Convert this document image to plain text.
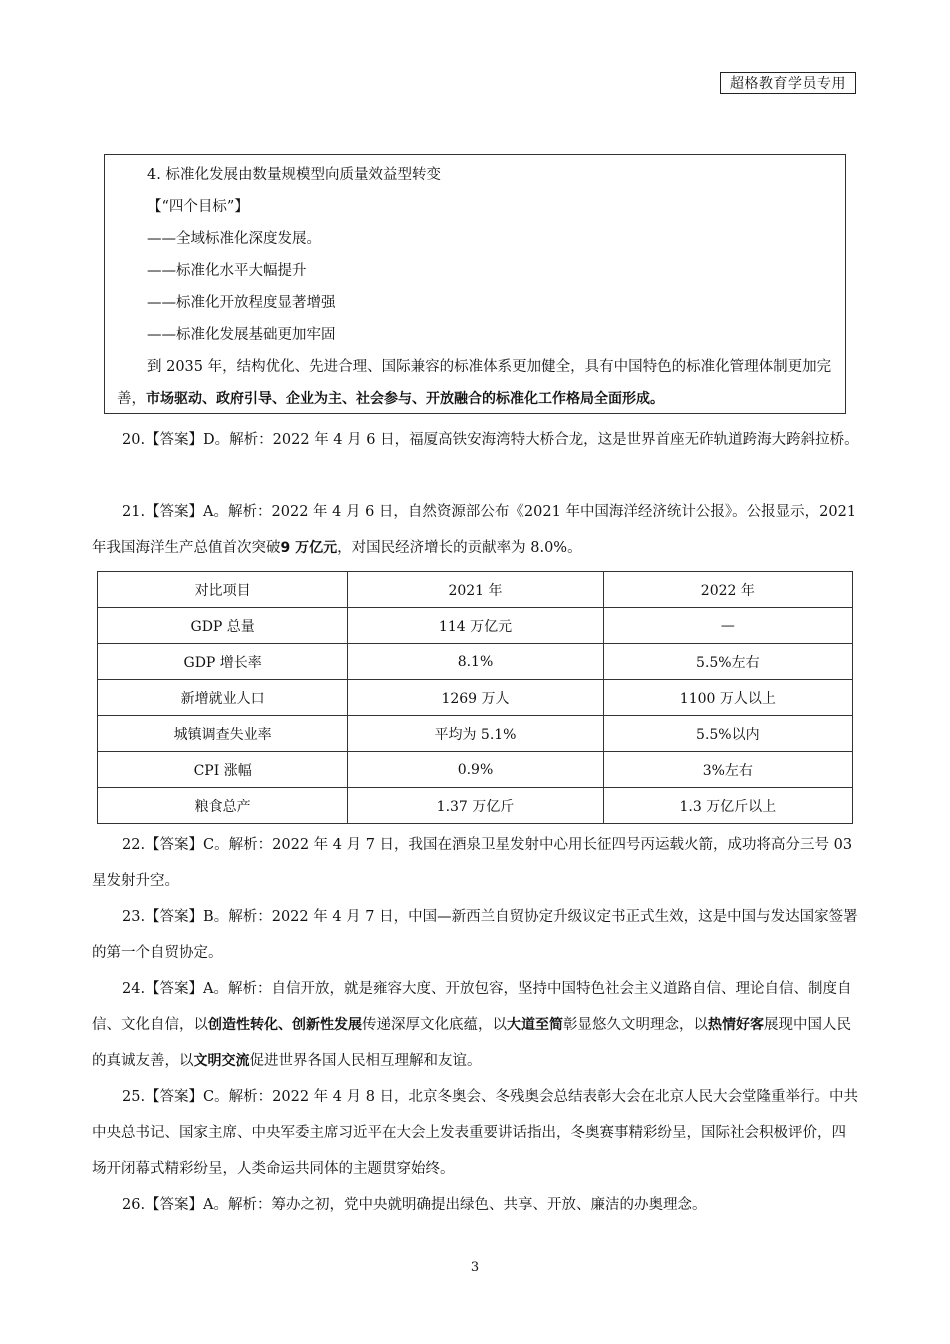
超格教育学员专用

4. 标准化发展由数量规模型向质量效益型转变

【“四个目标”】

——全域标准化深度发展。

——标准化水平大幅提升

——标准化开放程度显著增强

——标准化发展基础更加牢固

到 2035 年，结构优化、先进合理、国际兼容的标准体系更加健全，具有中国特色的标准化管理体制更加完善，市场驱动、政府引导、企业为主、社会参与、开放融合的标准化工作格局全面形成。

20.【答案】D。解析：2022 年 4 月 6 日，福厦高铁安海湾特大桥合龙，这是世界首座无砟轨道跨海大跨斜拉桥。

21.【答案】A。解析：2022 年 4 月 6 日，自然资源部公布《2021 年中国海洋经济统计公报》。公报显示，2021 年我国海洋生产总值首次突破9 万亿元，对国民经济增长的贡献率为 8.0%。

对比项目	2021 年	2022 年
GDP 总量	114 万亿元	—
GDP 增长率	8.1%	5.5%左右
新增就业人口	1269 万人	1100 万人以上
城镇调查失业率	平均为 5.1%	5.5%以内
CPI 涨幅	0.9%	3%左右
粮食总产	1.37 万亿斤	1.3 万亿斤以上

22.【答案】C。解析：2022 年 4 月 7 日，我国在酒泉卫星发射中心用长征四号丙运载火箭，成功将高分三号 03 星发射升空。

23.【答案】B。解析：2022 年 4 月 7 日，中国—新西兰自贸协定升级议定书正式生效，这是中国与发达国家签署的第一个自贸协定。

24.【答案】A。解析：自信开放，就是雍容大度、开放包容，坚持中国特色社会主义道路自信、理论自信、制度自信、文化自信，以创造性转化、创新性发展传递深厚文化底蕴，以大道至简彰显悠久文明理念，以热情好客展现中国人民的真诚友善，以文明交流促进世界各国人民相互理解和友谊。

25.【答案】C。解析：2022 年 4 月 8 日，北京冬奥会、冬残奥会总结表彰大会在北京人民大会堂隆重举行。中共中央总书记、国家主席、中央军委主席习近平在大会上发表重要讲话指出，冬奥赛事精彩纷呈，国际社会积极评价，四场开闭幕式精彩纷呈，人类命运共同体的主题贯穿始终。

26.【答案】A。解析：筹办之初，党中央就明确提出绿色、共享、开放、廉洁的办奥理念。

3
